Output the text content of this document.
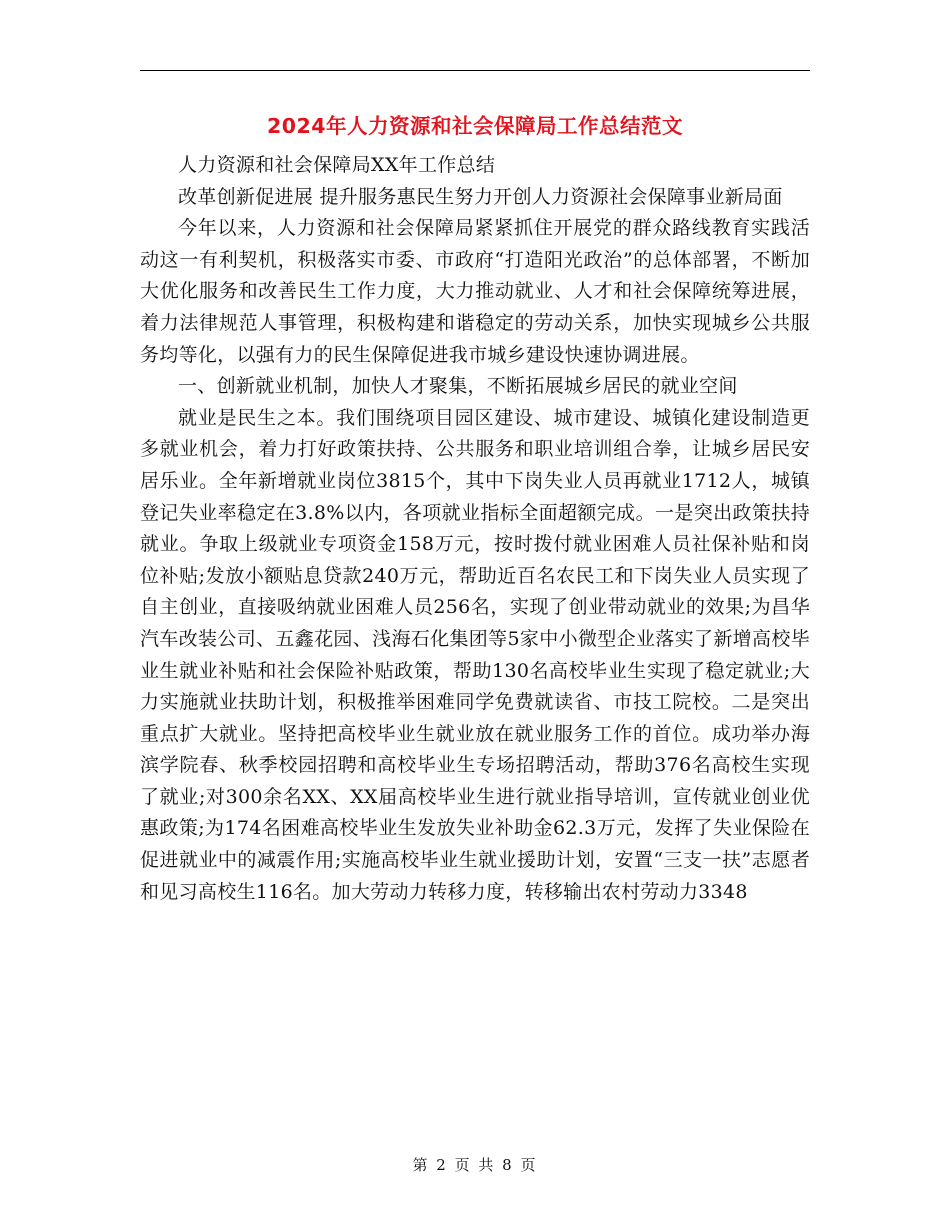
2024年人力资源和社会保障局工作总结范文

人力资源和社会保障局XX年工作总结

改革创新促进展 提升服务惠民生努力开创人力资源社会保障事业新局面

今年以来，人力资源和社会保障局紧紧抓住开展党的群众路线教育实践活动这一有利契机，积极落实市委、市政府“打造阳光政治”的总体部署，不断加大优化服务和改善民生工作力度，大力推动就业、人才和社会保障统筹进展，着力法律规范人事管理，积极构建和谐稳定的劳动关系，加快实现城乡公共服务均等化，以强有力的民生保障促进我市城乡建设快速协调进展。

一、创新就业机制，加快人才聚集，不断拓展城乡居民的就业空间

就业是民生之本。我们围绕项目园区建设、城市建设、城镇化建设制造更多就业机会，着力打好政策扶持、公共服务和职业培训组合拳，让城乡居民安居乐业。全年新增就业岗位3815个，其中下岗失业人员再就业1712人，城镇登记失业率稳定在3.8%以内，各项就业指标全面超额完成。一是突出政策扶持就业。争取上级就业专项资金158万元，按时拨付就业困难人员社保补贴和岗位补贴;发放小额贴息贷款240万元，帮助近百名农民工和下岗失业人员实现了自主创业，直接吸纳就业困难人员256名，实现了创业带动就业的效果;为昌华汽车改装公司、五鑫花园、浅海石化集团等5家中小微型企业落实了新增高校毕业生就业补贴和社会保险补贴政策，帮助130名高校毕业生实现了稳定就业;大力实施就业扶助计划，积极推举困难同学免费就读省、市技工院校。二是突出重点扩大就业。坚持把高校毕业生就业放在就业服务工作的首位。成功举办海滨学院春、秋季校园招聘和高校毕业生专场招聘活动，帮助376名高校生实现了就业;对300余名XX、XX届高校毕业生进行就业指导培训，宣传就业创业优惠政策;为174名困难高校毕业生发放失业补助金62.3万元，发挥了失业保险在促进就业中的减震作用;实施高校毕业生就业援助计划，安置“三支一扶”志愿者和见习高校生116名。加大劳动力转移力度，转移输出农村劳动力3348

第 2 页 共 8 页
